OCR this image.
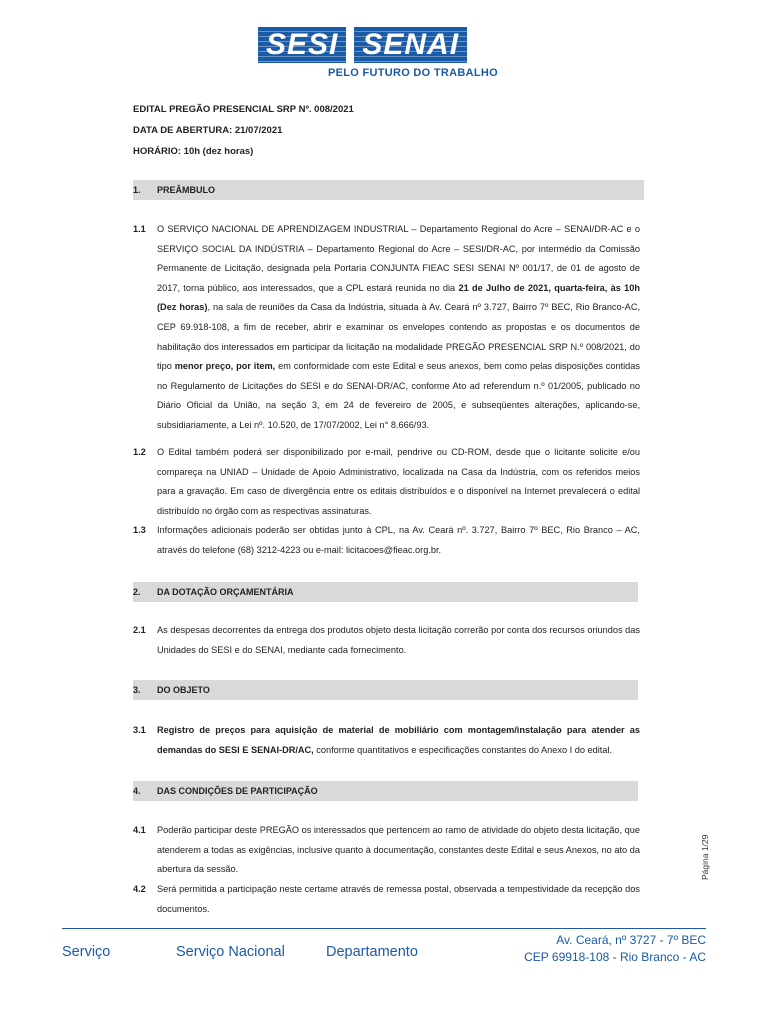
SESI SENAI
PELO FUTURO DO TRABALHO
EDITAL PREGÃO PRESENCIAL SRP Nº. 008/2021
DATA DE ABERTURA: 21/07/2021
HORÁRIO: 10h (dez horas)
1. PREÂMBULO
1.1 O SERVIÇO NACIONAL DE APRENDIZAGEM INDUSTRIAL – Departamento Regional do Acre – SENAI/DR-AC e o SERVIÇO SOCIAL DA INDÚSTRIA – Departamento Regional do Acre – SESI/DR-AC, por intermédio da Comissão Permanente de Licitação, designada pela Portaria CONJUNTA FIEAC SESI SENAI Nº 001/17, de 01 de agosto de 2017, torna público, aos interessados, que a CPL estará reunida no dia 21 de Julho de 2021, quarta-feira, às 10h (Dez horas), na sala de reuniões da Casa da Indústria, situada à Av. Ceará nº 3.727, Bairro 7º BEC, Rio Branco-AC, CEP 69.918-108, a fim de receber, abrir e examinar os envelopes contendo as propostas e os documentos de habilitação dos interessados em participar da licitação na modalidade PREGÃO PRESENCIAL SRP N.º 008/2021, do tipo menor preço, por item, em conformidade com este Edital e seus anexos, bem como pelas disposições contidas no Regulamento de Licitações do SESI e do SENAI-DR/AC, conforme Ato ad referendum n.º 01/2005, publicado no Diário Oficial da União, na seção 3, em 24 de fevereiro de 2005, e subseqüentes alterações, aplicando-se, subsidiariamente, a Lei nº. 10.520, de 17/07/2002, Lei n° 8.666/93.
1.2 O Edital também poderá ser disponibilizado por e-mail, pendrive ou CD-ROM, desde que o licitante solicite e/ou compareça na UNIAD – Unidade de Apoio Administrativo, localizada na Casa da Indústria, com os referidos meios para a gravação. Em caso de divergência entre os editais distribuídos e o disponível na Internet prevalecerá o edital distribuído no órgão com as respectivas assinaturas.
1.3 Informações adicionais poderão ser obtidas junto à CPL, na Av. Ceará nº. 3.727, Bairro 7º BEC, Rio Branco – AC, através do telefone (68) 3212-4223 ou e-mail: licitacoes@fieac.org.br.
2. DA DOTAÇÃO ORÇAMENTÁRIA
2.1 As despesas decorrentes da entrega dos produtos objeto desta licitação correrão por conta dos recursos oriundos das Unidades do SESI e do SENAI, mediante cada fornecimento.
3. DO OBJETO
3.1 Registro de preços para aquisição de material de mobiliário com montagem/instalação para atender as demandas do SESI E SENAI-DR/AC, conforme quantitativos e especificações constantes do Anexo I do edital.
4. DAS CONDIÇÕES DE PARTICIPAÇÃO
4.1 Poderão participar deste PREGÃO os interessados que pertencem ao ramo de atividade do objeto desta licitação, que atenderem a todas as exigências, inclusive quanto à documentação, constantes deste Edital e seus Anexos, no ato da abertura da sessão.
4.2 Será permitida a participação neste certame através de remessa postal, observada a tempestividade da recepção dos documentos.
Página 1/29
Serviço	Serviço Nacional	Departamento
Av. Ceará, nº 3727 - 7º BEC
CEP 69918-108 - Rio Branco - AC
